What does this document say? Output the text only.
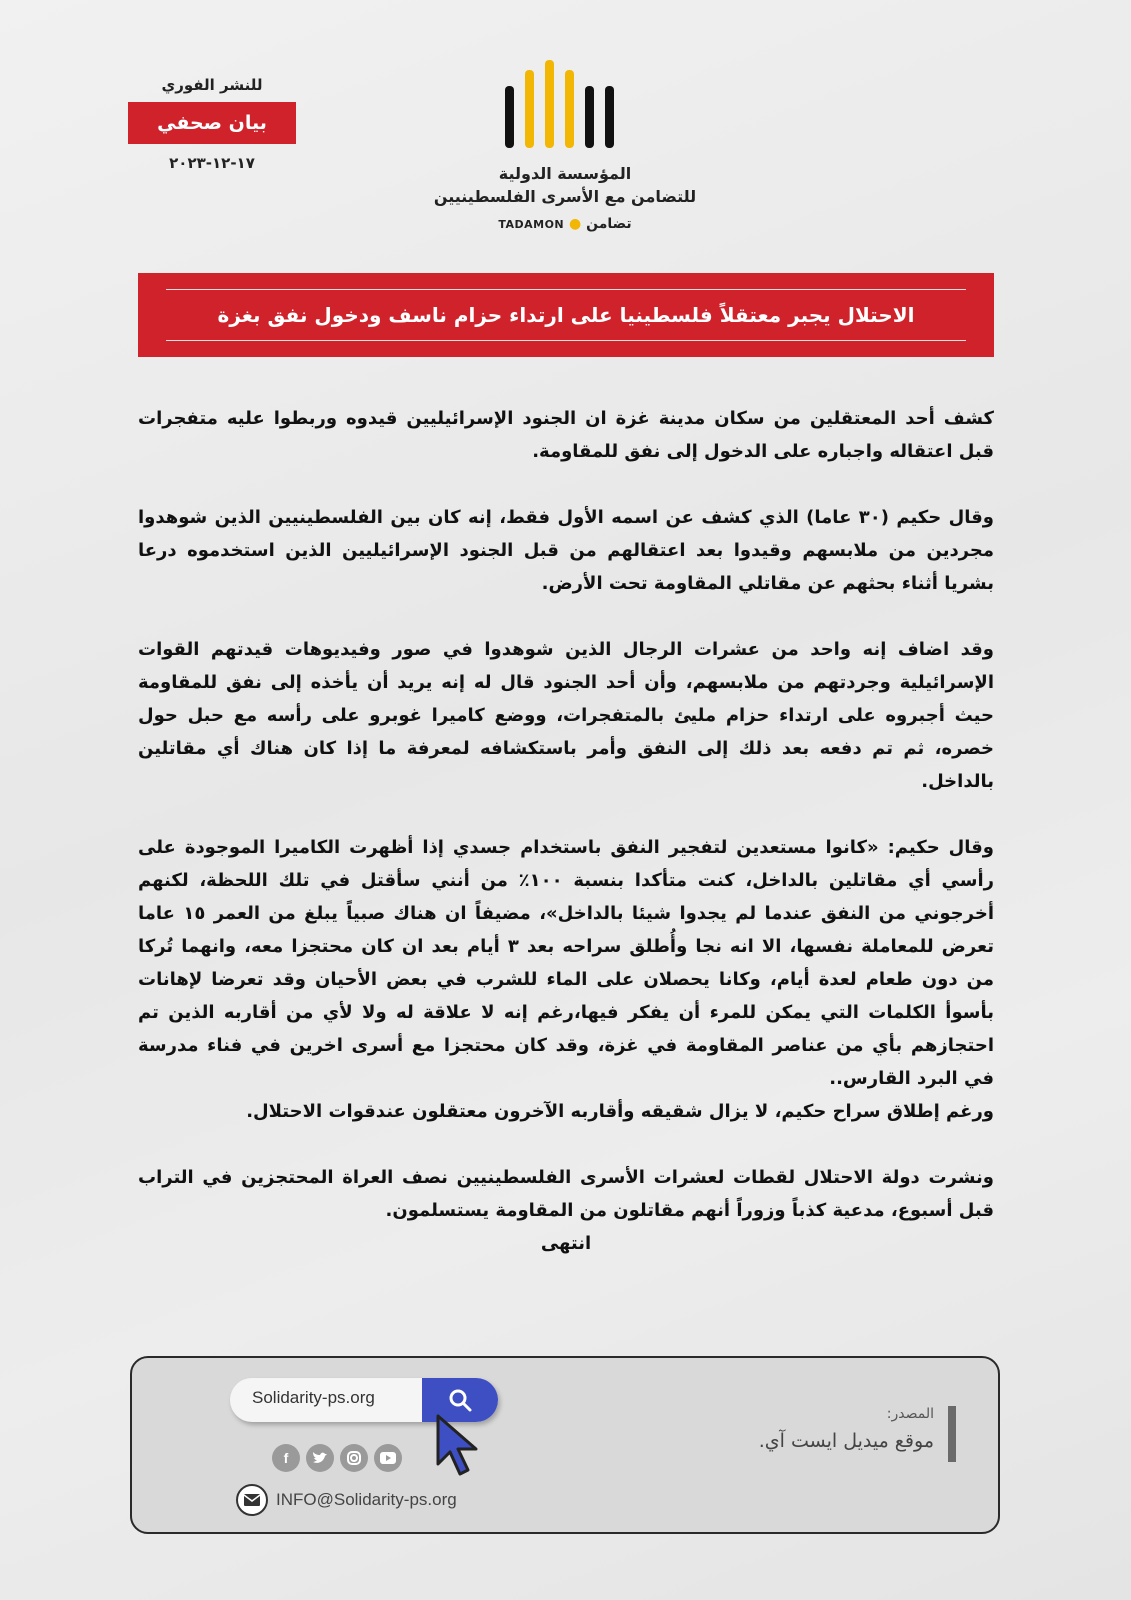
للنشر الفوري
بيان صحفي
١٧-١٢-٢٠٢٣
المؤسسة الدولية
للتضامن مع الأسرى الفلسطينيين
TADAMON ● تضامن
الاحتلال يجبر معتقلاً فلسطينيا على ارتداء حزام ناسف ودخول نفق بغزة

كشف أحد المعتقلين من سكان مدينة غزة ان الجنود الإسرائيليين قيدوه وربطوا عليه متفجرات قبل اعتقاله واجباره على الدخول إلى نفق للمقاومة.

وقال حكيم (٣٠ عاما) الذي كشف عن اسمه الأول فقط، إنه كان بين الفلسطينيين الذين شوهدوا مجردين من ملابسهم وقيدوا بعد اعتقالهم من قبل الجنود الإسرائيليين الذين استخدموه درعا بشريا أثناء بحثهم عن مقاتلي المقاومة تحت الأرض.

وقد اضاف إنه واحد من عشرات الرجال الذين شوهدوا في صور وفيديوهات قيدتهم القوات الإسرائيلية وجردتهم من ملابسهم، وأن أحد الجنود قال له إنه يريد أن يأخذه إلى نفق للمقاومة حيث أجبروه على ارتداء حزام مليئ بالمتفجرات، ووضع كاميرا غوبرو على رأسه مع حبل حول خصره، ثم تم دفعه بعد ذلك إلى النفق وأمر باستكشافه لمعرفة ما إذا كان هناك أي مقاتلين بالداخل.

وقال حكيم: «كانوا مستعدين لتفجير النفق باستخدام جسدي إذا أظهرت الكاميرا الموجودة على رأسي أي مقاتلين بالداخل، كنت متأكدا بنسبة ١٠٠٪ من أنني سأقتل في تلك اللحظة، لكنهم أخرجوني من النفق عندما لم يجدوا شيئا بالداخل»، مضيفاً ان هناك صبياً يبلغ من العمر ١٥ عاما تعرض للمعاملة نفسها، الا انه نجا وأُطلق سراحه بعد ٣ أيام بعد ان كان محتجزا معه، وانهما تُركا من دون طعام لعدة أيام، وكانا يحصلان على الماء للشرب في بعض الأحيان وقد تعرضا لإهانات بأسوأ الكلمات التي يمكن للمرء أن يفكر فيها،رغم إنه لا علاقة له ولا لأي من أقاربه الذين تم احتجازهم بأي من عناصر المقاومة في غزة، وقد كان محتجزا مع أسرى اخرين في فناء مدرسة في البرد القارس..

ورغم إطلاق سراح حكيم، لا يزال شقيقه وأقاربه الآخرون معتقلون عندقوات الاحتلال.

ونشرت دولة الاحتلال لقطات لعشرات الأسرى الفلسطينيين نصف العراة المحتجزين في التراب قبل أسبوع، مدعية كذباً وزوراً أنهم مقاتلون من المقاومة يستسلمون.

انتهى
المصدر:
موقع ميديل ايست آي.
Solidarity-ps.org
f
INFO@Solidarity-ps.org
